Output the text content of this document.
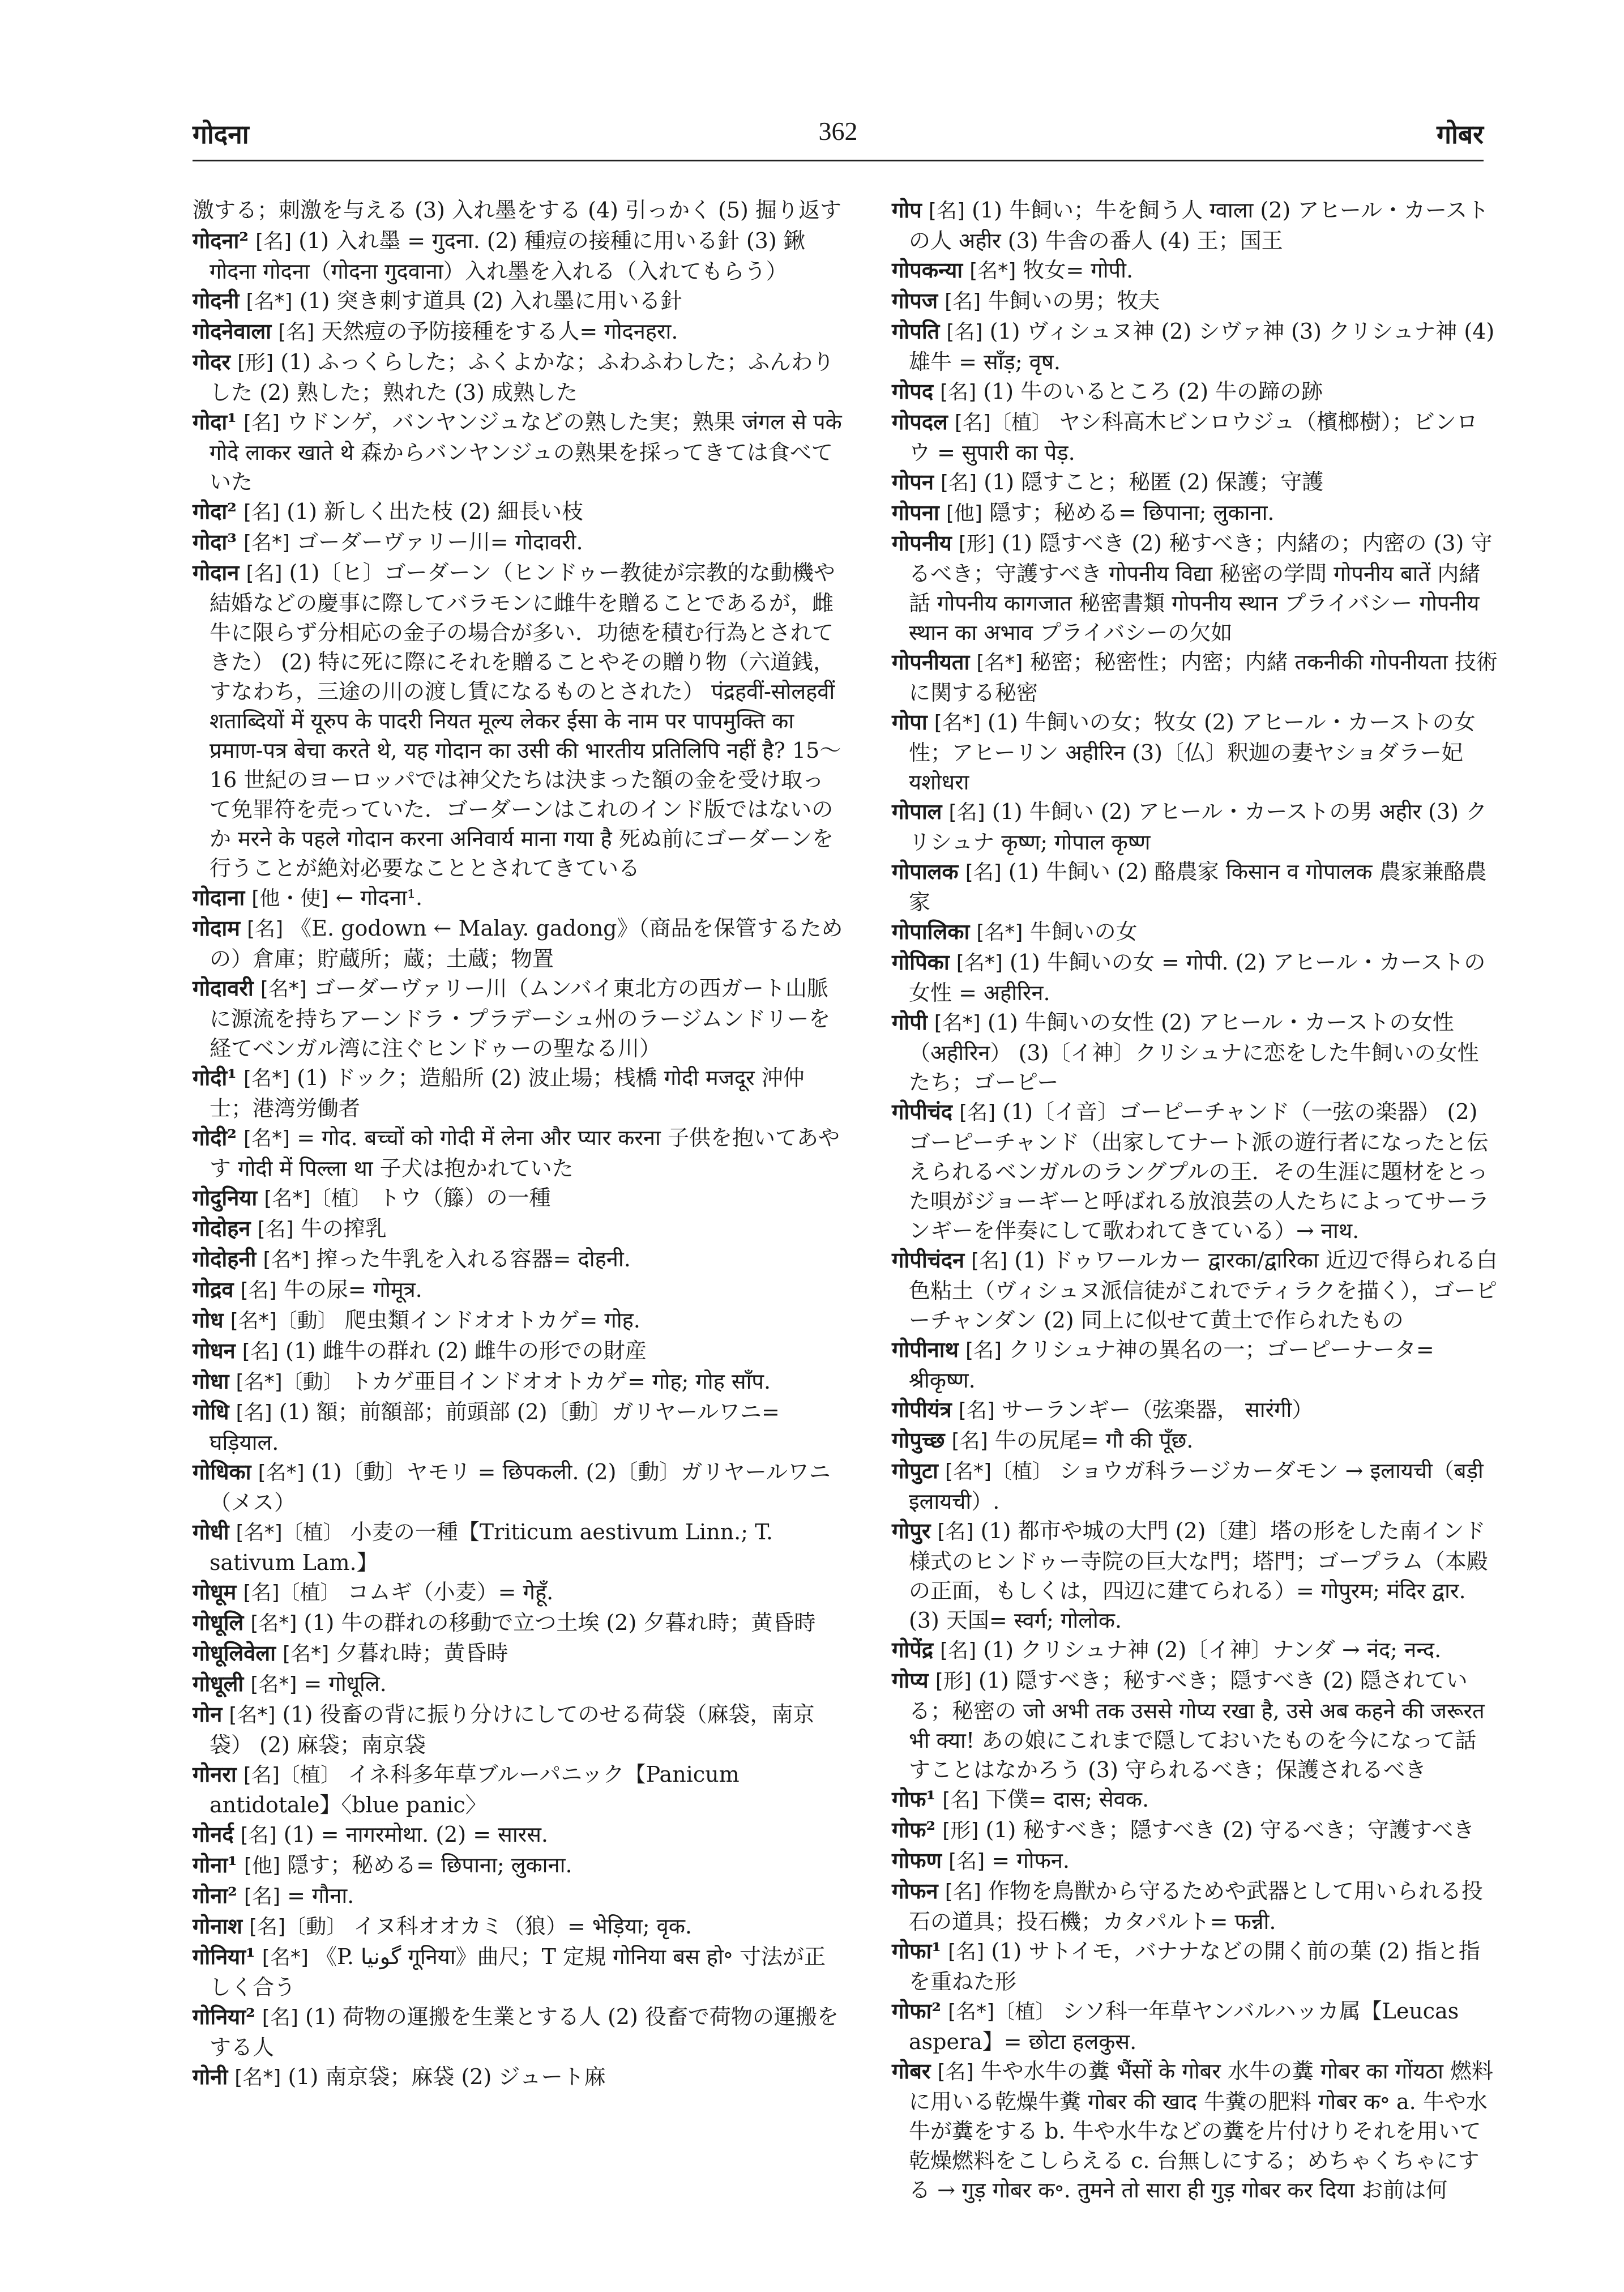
गोदना	362	गोबर
激する；刺激を与える (3) 入れ墨をする (4) 引っかく (5) 掘り返す
गोदना² [名] (1) 入れ墨 = गुदना. (2) 種痘の接種に用いる針 (3) 鍬 गोदना गोदना（गोदना गुदवाना）入れ墨を入れる（入れてもらう）
गोदनी [名*] (1) 突き刺す道具 (2) 入れ墨に用いる針
गोदनेवाला [名] 天然痘の予防接種をする人= गोदनहरा.
गोदर [形] (1) ふっくらした；ふくよかな；ふわふわした；ふんわりした (2) 熟した；熟れた (3) 成熟した
गोदा¹ [名] ウドンゲ，バンヤンジュなどの熟した実；熟果 जंगल से पके गोदे लाकर खाते थे 森からバンヤンジュの熟果を採ってきては食べていた
गोदा² [名] (1) 新しく出た枝 (2) 細長い枝
गोदा³ [名*] ゴーダーヴァリー川= गोदावरी.
गोदान [名] (1)〔ヒ〕ゴーダーン（ヒンドゥー教徒が宗教的な動機や結婚などの慶事に際してバラモンに雌牛を贈ることであるが，雌牛に限らず分相応の金子の場合が多い．功徳を積む行為とされてきた） (2) 特に死に際にそれを贈ることやその贈り物（六道銭，すなわち，三途の川の渡し賃になるものとされた） पंद्रहवीं-सोलहवीं शताब्दियों में यूरुप के पादरी नियत मूल्य लेकर ईसा के नाम पर पापमुक्ति का प्रमाण-पत्र बेचा करते थे, यह गोदान का उसी की भारतीय प्रतिलिपि नहीं है? 15〜16 世紀のヨーロッパでは神父たちは決まった額の金を受け取って免罪符を売っていた．ゴーダーンはこれのインド版ではないのか मरने के पहले गोदान करना अनिवार्य माना गया है 死ぬ前にゴーダーンを行うことが絶対必要なこととされてきている
गोदाना [他・使] ← गोदना¹.
गोदाम [名] 《E. godown ← Malay. gadong》（商品を保管するための）倉庫；貯蔵所；蔵；土蔵；物置
गोदावरी [名*] ゴーダーヴァリー川（ムンバイ東北方の西ガート山脈に源流を持ちアーンドラ・プラデーシュ州のラージムンドリーを経てベンガル湾に注ぐヒンドゥーの聖なる川）
गोदी¹ [名*] (1) ドック；造船所 (2) 波止場；桟橋 गोदी मजदूर 沖仲士；港湾労働者
गोदी² [名*] = गोद. बच्चों को गोदी में लेना और प्यार करना 子供を抱いてあやす गोदी में पिल्ला था 子犬は抱かれていた
गोदुनिया [名*]〔植〕 トウ（籐）の一種
गोदोहन [名] 牛の搾乳
गोदोहनी [名*] 搾った牛乳を入れる容器= दोहनी.
गोद्रव [名] 牛の尿= गोमूत्र.
गोध [名*]〔動〕 爬虫類インドオオトカゲ= गोह.
गोधन [名] (1) 雌牛の群れ (2) 雌牛の形での財産
गोधा [名*]〔動〕 トカゲ亜目インドオオトカゲ= गोह; गोह साँप.
गोधि [名] (1) 額；前額部；前頭部 (2)〔動〕ガリヤールワニ= घड़ियाल.
गोधिका [名*] (1)〔動〕ヤモリ = छिपकली. (2)〔動〕ガリヤールワニ（メス）
गोधी [名*]〔植〕 小麦の一種【Triticum aestivum Linn.; T. sativum Lam.】
गोधूम [名]〔植〕 コムギ（小麦）= गेहूँ.
गोधूलि [名*] (1) 牛の群れの移動で立つ土埃 (2) 夕暮れ時；黄昏時
गोधूलिवेला [名*] 夕暮れ時；黄昏時
गोधूली [名*] = गोधूलि.
गोन [名*] (1) 役畜の背に振り分けにしてのせる荷袋（麻袋，南京袋） (2) 麻袋；南京袋
गोनरा [名]〔植〕 イネ科多年草ブルーパニック【Panicum antidotale】〈blue panic〉
गोनर्द [名] (1) = नागरमोथा. (2) = सारस.
गोना¹ [他] 隠す；秘める= छिपाना; लुकाना.
गोना² [名] = गौना.
गोनाश [名]〔動〕 イヌ科オオカミ（狼）= भेड़िया; वृक.
गोनिया¹ [名*] 《P. گونیا गूनिया》曲尺；T 定規 गोनिया बस हो॰ 寸法が正しく合う
गोनिया² [名] (1) 荷物の運搬を生業とする人 (2) 役畜で荷物の運搬をする人
गोनी [名*] (1) 南京袋；麻袋 (2) ジュート麻
गोप [名] (1) 牛飼い；牛を飼う人 ग्वाला (2) アヒール・カーストの人 अहीर (3) 牛舎の番人 (4) 王；国王
गोपकन्या [名*] 牧女= गोपी.
गोपज [名] 牛飼いの男；牧夫
गोपति [名] (1) ヴィシュヌ神 (2) シヴァ神 (3) クリシュナ神 (4) 雄牛 = साँड़; वृष.
गोपद [名] (1) 牛のいるところ (2) 牛の蹄の跡
गोपदल [名]〔植〕 ヤシ科高木ビンロウジュ（檳榔樹）；ビンロウ = सुपारी का पेड़.
गोपन [名] (1) 隠すこと；秘匿 (2) 保護；守護
गोपना [他] 隠す；秘める= छिपाना; लुकाना.
गोपनीय [形] (1) 隠すべき (2) 秘すべき；内緒の；内密の (3) 守るべき；守護すべき गोपनीय विद्या 秘密の学問 गोपनीय बातें 内緒話 गोपनीय कागजात 秘密書類 गोपनीय स्थान プライバシー गोपनीय स्थान का अभाव プライバシーの欠如
गोपनीयता [名*] 秘密；秘密性；内密；内緒 तकनीकी गोपनीयता 技術に関する秘密
गोपा [名*] (1) 牛飼いの女；牧女 (2) アヒール・カーストの女性；アヒーリン अहीरिन (3)〔仏〕釈迦の妻ヤショダラー妃 यशोधरा
गोपाल [名] (1) 牛飼い (2) アヒール・カーストの男 अहीर (3) クリシュナ कृष्ण; गोपाल कृष्ण
गोपालक [名] (1) 牛飼い (2) 酪農家 किसान व गोपालक 農家兼酪農家
गोपालिका [名*] 牛飼いの女
गोपिका [名*] (1) 牛飼いの女 = गोपी. (2) アヒール・カーストの女性 = अहीरिन.
गोपी [名*] (1) 牛飼いの女性 (2) アヒール・カーストの女性（अहीरिन） (3)〔イ神〕クリシュナに恋をした牛飼いの女性たち；ゴーピー
गोपीचंद [名] (1)〔イ音〕ゴーピーチャンド（一弦の楽器） (2) ゴーピーチャンド（出家してナート派の遊行者になったと伝えられるベンガルのラングプルの王．その生涯に題材をとった唄がジョーギーと呼ばれる放浪芸の人たちによってサーランギーを伴奏にして歌われてきている）→ नाथ.
गोपीचंदन [名] (1) ドゥワールカー द्वारका/द्वारिका 近辺で得られる白色粘土（ヴィシュヌ派信徒がこれでティラクを描く），ゴーピーチャンダン (2) 同上に似せて黄土で作られたもの
गोपीनाथ [名] クリシュナ神の異名の一；ゴーピーナータ= श्रीकृष्ण.
गोपीयंत्र [名] サーランギー（弦楽器， सारंगी）
गोपुच्छ [名] 牛の尻尾= गौ की पूँछ.
गोपुटा [名*]〔植〕 ショウガ科ラージカーダモン → इलायची（बड़ी इलायची）.
गोपुर [名] (1) 都市や城の大門 (2)〔建〕塔の形をした南インド様式のヒンドゥー寺院の巨大な門；塔門；ゴープラム（本殿の正面，もしくは，四辺に建てられる）= गोपुरम; मंदिर द्वार. (3) 天国= स्वर्ग; गोलोक.
गोपेंद्र [名] (1) クリシュナ神 (2)〔イ神〕ナンダ → नंद; नन्द.
गोप्य [形] (1) 隠すべき；秘すべき；隠すべき (2) 隠されている；秘密の जो अभी तक उससे गोप्य रखा है, उसे अब कहने की जरूरत भी क्या! あの娘にこれまで隠しておいたものを今になって話すことはなかろう (3) 守られるべき；保護されるべき
गोफ¹ [名] 下僕= दास; सेवक.
गोफ² [形] (1) 秘すべき；隠すべき (2) 守るべき；守護すべき
गोफण [名] = गोफन.
गोफन [名] 作物を鳥獣から守るためや武器として用いられる投石の道具；投石機；カタパルト= फन्नी.
गोफा¹ [名] (1) サトイモ，バナナなどの開く前の葉 (2) 指と指を重ねた形
गोफा² [名*]〔植〕 シソ科一年草ヤンバルハッカ属【Leucas aspera】= छोटा हलकुस.
गोबर [名] 牛や水牛の糞 भैंसों के गोबर 水牛の糞 गोबर का गोंयठा 燃料に用いる乾燥牛糞 गोबर की खाद 牛糞の肥料 गोबर क॰ a. 牛や水牛が糞をする b. 牛や水牛などの糞を片付けりそれを用いて乾燥燃料をこしらえる c. 台無しにする；めちゃくちゃにする → गुड़ गोबर क॰. तुमने तो सारा ही गुड़ गोबर कर दिया お前は何
